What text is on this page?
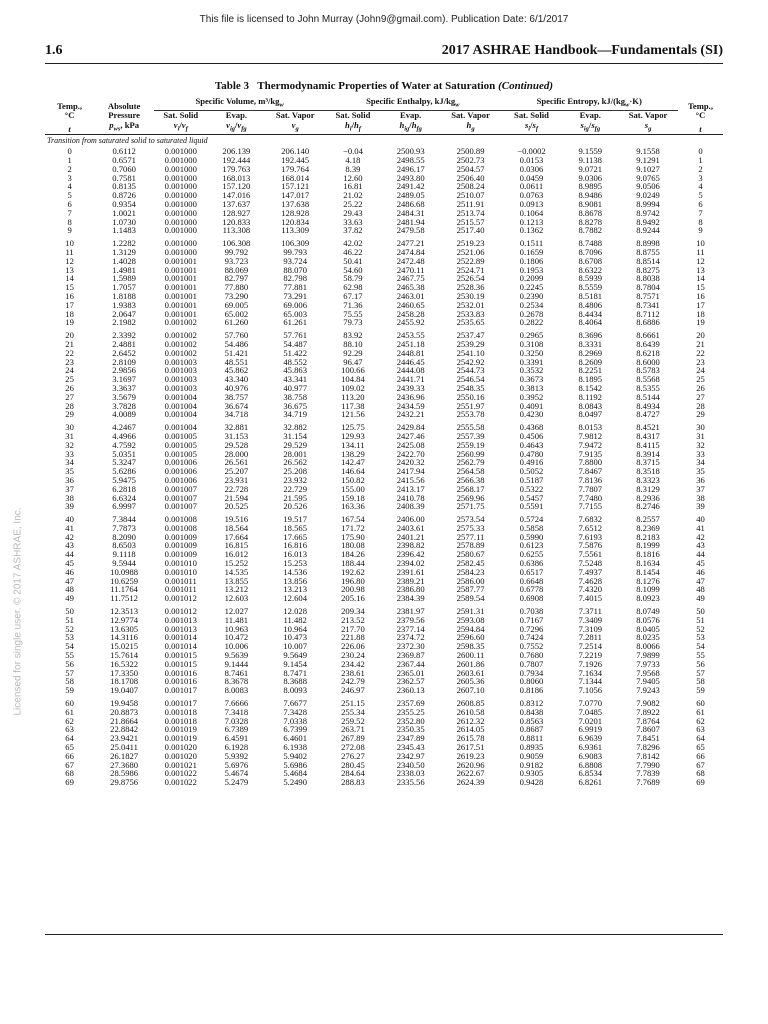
This file is licensed to John Murray (John9@gmail.com). Publication Date: 6/1/2017
1.6	2017 ASHRAE Handbook—Fundamentals (SI)
Table 3 Thermodynamic Properties of Water at Saturation (Continued)
Licensed for single user. © 2017 ASHRAE, Inc.
Temp.,
°C	Absolute
Pressure	Specific Volume, $m^3/kg_w$			Specific Enthalpy, $kJ/kg_w$			Specific Entropy, $kJ/(kg_w\cdot K)$			Temp.,
°C
		Sat. Solid	Evap.	Sat. Vapor	Sat. Solid	Evap.	Sat. Vapor	Sat. Solid	Evap.	Sat. Vapor	
t	$p_{ws}$, kPa	$v_i/v_f$	$v_{ig}/v_{fg}$	$v_g$	$h_i/h_f$	$h_{ig}/h_{fg}$	$h_g$	$s_i/s_f$	$s_{ig}/s_{fg}$	$s_g$	t
Transition from saturated solid to saturated liquid											
0	0.6112	0.001000	206.139	206.140	−0.04	2500.93	2500.89	−0.0002	9.1559	9.1558	0
1	0.6571	0.001000	192.444	192.445	4.18	2498.55	2502.73	0.0153	9.1138	9.1291	1
2	0.7060	0.001000	179.763	179.764	8.39	2496.17	2504.57	0.0306	9.0721	9.1027	2
3	0.7581	0.001000	168.013	168.014	12.60	2493.80	2506.40	0.0459	9.0306	9.0765	3
4	0.8135	0.001000	157.120	157.121	16.81	2491.42	2508.24	0.0611	8.9895	9.0506	4
5	0.8726	0.001000	147.016	147.017	21.02	2489.05	2510.07	0.0763	8.9486	9.0249	5
6	0.9354	0.001000	137.637	137.638	25.22	2486.68	2511.91	0.0913	8.9081	8.9994	6
7	1.0021	0.001000	128.927	128.928	29.43	2484.31	2513.74	0.1064	8.8678	8.9742	7
8	1.0730	0.001000	120.833	120.834	33.63	2481.94	2515.57	0.1213	8.8278	8.9492	8
9	1.1483	0.001000	113.308	113.309	37.82	2479.58	2517.40	0.1362	8.7882	8.9244	9

10	1.2282	0.001000	106.308	106.309	42.02	2477.21	2519.23	0.1511	8.7488	8.8998	10
11	1.3129	0.001000	99.792	99.793	46.22	2474.84	2521.06	0.1659	8.7096	8.8755	11
12	1.4028	0.001001	93.723	93.724	50.41	2472.48	2522.89	0.1806	8.6708	8.8514	12
13	1.4981	0.001001	88.069	88.070	54.60	2470.11	2524.71	0.1953	8.6322	8.8275	13
14	1.5989	0.001001	82.797	82.798	58.79	2467.75	2526.54	0.2099	8.5939	8.8038	14
15	1.7057	0.001001	77.880	77.881	62.98	2465.38	2528.36	0.2245	8.5559	8.7804	15
16	1.8188	0.001001	73.290	73.291	67.17	2463.01	2530.19	0.2390	8.5181	8.7571	16
17	1.9383	0.001001	69.005	69.006	71.36	2460.65	2532.01	0.2534	8.4806	8.7341	17
18	2.0647	0.001001	65.002	65.003	75.55	2458.28	2533.83	0.2678	8.4434	8.7112	18
19	2.1982	0.001002	61.260	61.261	79.73	2455.92	2535.65	0.2822	8.4064	8.6886	19

20	2.3392	0.001002	57.760	57.761	83.92	2453.55	2537.47	0.2965	8.3696	8.6661	20
21	2.4881	0.001002	54.486	54.487	88.10	2451.18	2539.29	0.3108	8.3331	8.6439	21
22	2.6452	0.001002	51.421	51.422	92.29	2448.81	2541.10	0.3250	8.2969	8.6218	22
23	2.8109	0.001003	48.551	48.552	96.47	2446.45	2542.92	0.3391	8.2609	8.6000	23
24	2.9856	0.001003	45.862	45.863	100.66	2444.08	2544.73	0.3532	8.2251	8.5783	24
25	3.1697	0.001003	43.340	43.341	104.84	2441.71	2546.54	0.3673	8.1895	8.5568	25
26	3.3637	0.001003	40.976	40.977	109.02	2439.33	2548.35	0.3813	8.1542	8.5355	26
27	3.5679	0.001004	38.757	38.758	113.20	2436.96	2550.16	0.3952	8.1192	8.5144	27
28	3.7828	0.001004	36.674	36.675	117.38	2434.59	2551.97	0.4091	8.0843	8.4934	28
29	4.0089	0.001004	34.718	34.719	121.56	2432.21	2553.78	0.4230	8.0497	8.4727	29

30	4.2467	0.001004	32.881	32.882	125.75	2429.84	2555.58	0.4368	8.0153	8.4521	30
31	4.4966	0.001005	31.153	31.154	129.93	2427.46	2557.39	0.4506	7.9812	8.4317	31
32	4.7592	0.001005	29.528	29.529	134.11	2425.08	2559.19	0.4643	7.9472	8.4115	32
33	5.0351	0.001005	28.000	28.001	138.29	2422.70	2560.99	0.4780	7.9135	8.3914	33
34	5.3247	0.001006	26.561	26.562	142.47	2420.32	2562.79	0.4916	7.8800	8.3715	34
35	5.6286	0.001006	25.207	25.208	146.64	2417.94	2564.58	0.5052	7.8467	8.3518	35
36	5.9475	0.001006	23.931	23.932	150.82	2415.56	2566.38	0.5187	7.8136	8.3323	36
37	6.2818	0.001007	22.728	22.729	155.00	2413.17	2568.17	0.5322	7.7807	8.3129	37
38	6.6324	0.001007	21.594	21.595	159.18	2410.78	2569.96	0.5457	7.7480	8.2936	38
39	6.9997	0.001007	20.525	20.526	163.36	2408.39	2571.75	0.5591	7.7155	8.2746	39

40	7.3844	0.001008	19.516	19.517	167.54	2406.00	2573.54	0.5724	7.6832	8.2557	40
41	7.7873	0.001008	18.564	18.565	171.72	2403.61	2575.33	0.5858	7.6512	8.2369	41
42	8.2090	0.001009	17.664	17.665	175.90	2401.21	2577.11	0.5990	7.6193	8.2183	42
43	8.6503	0.001009	16.815	16.816	180.08	2398.82	2578.89	0.6123	7.5876	8.1999	43
44	9.1118	0.001009	16.012	16.013	184.26	2396.42	2580.67	0.6255	7.5561	8.1816	44
45	9.5944	0.001010	15.252	15.253	188.44	2394.02	2582.45	0.6386	7.5248	8.1634	45
46	10.0988	0.001010	14.535	14.536	192.62	2391.61	2584.23	0.6517	7.4937	8.1454	46
47	10.6259	0.001011	13.855	13.856	196.80	2389.21	2586.00	0.6648	7.4628	8.1276	47
48	11.1764	0.001011	13.212	13.213	200.98	2386.80	2587.77	0.6778	7.4320	8.1099	48
49	11.7512	0.001012	12.603	12.604	205.16	2384.39	2589.54	0.6908	7.4015	8.0923	49

50	12.3513	0.001012	12.027	12.028	209.34	2381.97	2591.31	0.7038	7.3711	8.0749	50
51	12.9774	0.001013	11.481	11.482	213.52	2379.56	2593.08	0.7167	7.3409	8.0576	51
52	13.6305	0.001013	10.963	10.964	217.70	2377.14	2594.84	0.7296	7.3109	8.0405	52
53	14.3116	0.001014	10.472	10.473	221.88	2374.72	2596.60	0.7424	7.2811	8.0235	53
54	15.0215	0.001014	10.006	10.007	226.06	2372.30	2598.35	0.7552	7.2514	8.0066	54
55	15.7614	0.001015	9.5639	9.5649	230.24	2369.87	2600.11	0.7680	7.2219	7.9899	55
56	16.5322	0.001015	9.1444	9.1454	234.42	2367.44	2601.86	0.7807	7.1926	7.9733	56
57	17.3350	0.001016	8.7461	8.7471	238.61	2365.01	2603.61	0.7934	7.1634	7.9568	57
58	18.1708	0.001016	8.3678	8.3688	242.79	2362.57	2605.36	0.8060	7.1344	7.9405	58
59	19.0407	0.001017	8.0083	8.0093	246.97	2360.13	2607.10	0.8186	7.1056	7.9243	59

60	19.9458	0.001017	7.6666	7.6677	251.15	2357.69	2608.85	0.8312	7.0770	7.9082	60
61	20.8873	0.001018	7.3418	7.3428	255.34	2355.25	2610.58	0.8438	7.0485	7.8922	61
62	21.8664	0.001018	7.0328	7.0338	259.52	2352.80	2612.32	0.8563	7.0201	7.8764	62
63	22.8842	0.001019	6.7389	6.7399	263.71	2350.35	2614.05	0.8687	6.9919	7.8607	63
64	23.9421	0.001019	6.4591	6.4601	267.89	2347.89	2615.78	0.8811	6.9639	7.8451	64
65	25.0411	0.001020	6.1928	6.1938	272.08	2345.43	2617.51	0.8935	6.9361	7.8296	65
66	26.1827	0.001020	5.9392	5.9402	276.27	2342.97	2619.23	0.9059	6.9083	7.8142	66
67	27.3680	0.001021	5.6976	5.6986	280.45	2340.50	2620.96	0.9182	6.8808	7.7990	67
68	28.5986	0.001022	5.4674	5.4684	284.64	2338.03	2622.67	0.9305	6.8534	7.7839	68
69	29.8756	0.001022	5.2479	5.2490	288.83	2335.56	2624.39	0.9428	6.8261	7.7689	69
